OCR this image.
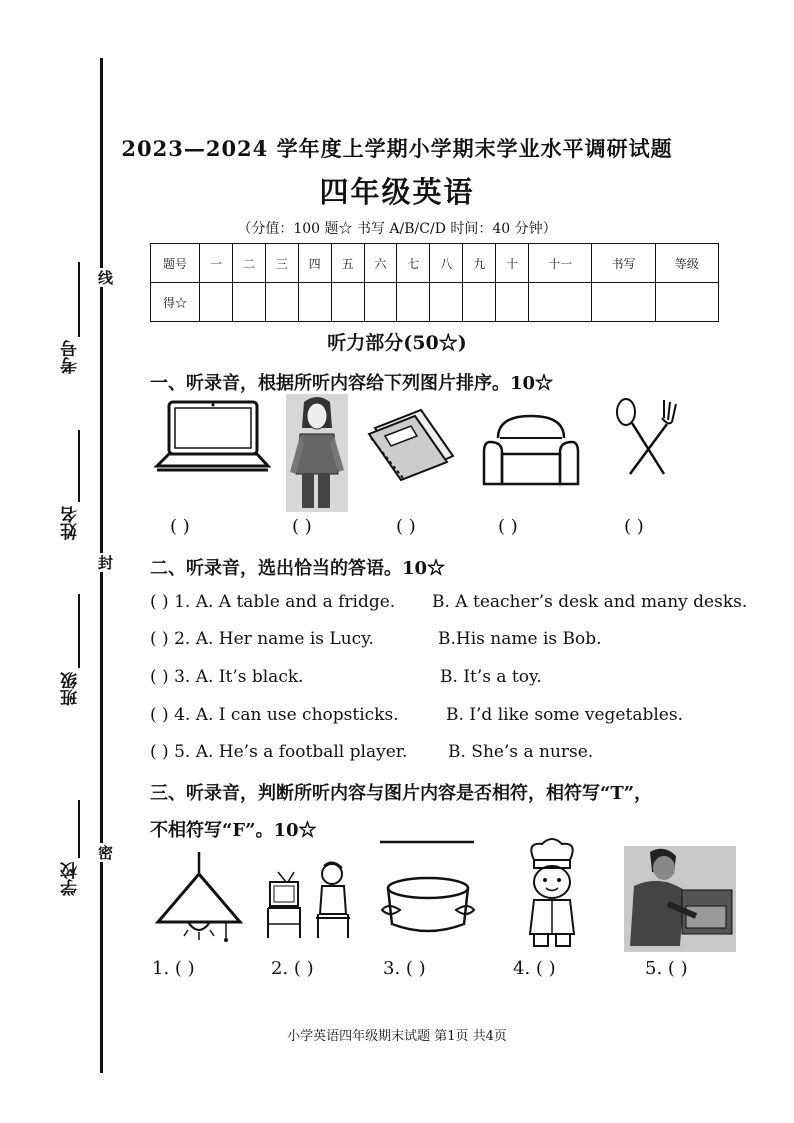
考号
姓名
班级
学校
线
封
密
2023—2024 学年度上学期小学期末学业水平调研试题
四年级英语
（分值：100 题☆ 书写 A/B/C/D 时间：40 分钟）
题号	一	二	三	四	五	六	七	八	九	十	十一	书写	等级
得☆													
听力部分(50☆)
一、听录音，根据所听内容给下列图片排序。10☆
( )	( )	( )	( )	( )
二、听录音，选出恰当的答语。10☆
( ) 1. A. A table and a fridge. B. A teacher’s desk and many desks.
( ) 2. A. Her name is Lucy.	B.His name is Bob.
( ) 3. A. It’s black.	B. It’s a toy.
( ) 4. A. I can use chopsticks.	B. I’d like some vegetables.
( ) 5. A. He’s a football player. B. She’s a nurse.
三、听录音，判断所听内容与图片内容是否相符，相符写“T”，
不相符写“F”。10☆
1. ( )	2. ( )	3. ( )	4. ( )	5. ( )
小学英语四年级期末试题 第1页 共4页
